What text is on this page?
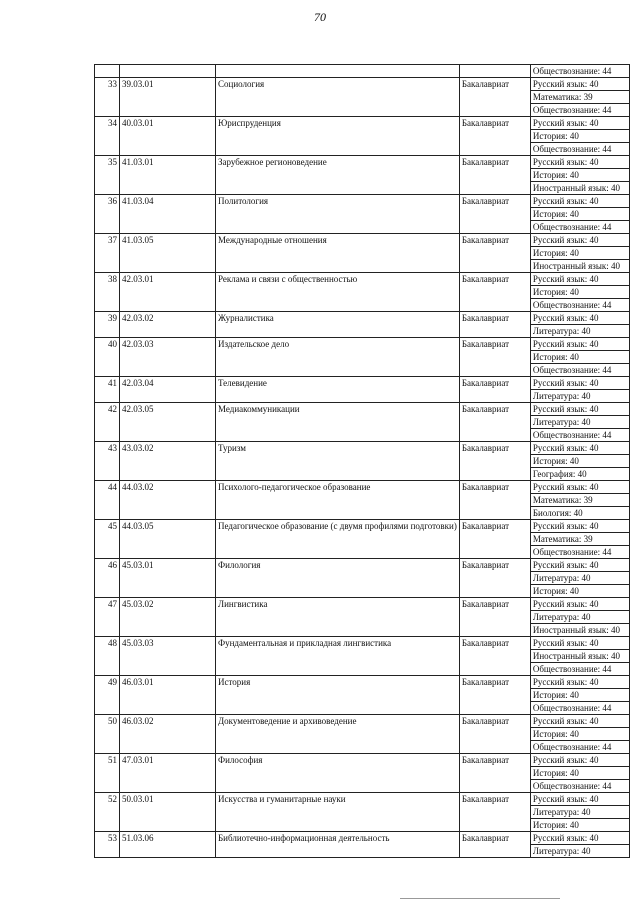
70
				Обществознание: 44
33	39.03.01	Социология	Бакалавриат	Русский язык: 40
				Математика: 39
				Обществознание: 44
34	40.03.01	Юриспруденция	Бакалавриат	Русский язык: 40
				История: 40
				Обществознание: 44
35	41.03.01	Зарубежное регионоведение	Бакалавриат	Русский язык: 40
				История: 40
				Иностранный язык: 40
36	41.03.04	Политология	Бакалавриат	Русский язык: 40
				История: 40
				Обществознание: 44
37	41.03.05	Международные отношения	Бакалавриат	Русский язык: 40
				История: 40
				Иностранный язык: 40
38	42.03.01	Реклама и связи с общественностью	Бакалавриат	Русский язык: 40
				История: 40
				Обществознание: 44
39	42.03.02	Журналистика	Бакалавриат	Русский язык: 40
				Литература: 40
40	42.03.03	Издательское дело	Бакалавриат	Русский язык: 40
				История: 40
				Обществознание: 44
41	42.03.04	Телевидение	Бакалавриат	Русский язык: 40
				Литература: 40
42	42.03.05	Медиакоммуникации	Бакалавриат	Русский язык: 40
				Литература: 40
				Обществознание: 44
43	43.03.02	Туризм	Бакалавриат	Русский язык: 40
				История: 40
				География: 40
44	44.03.02	Психолого-педагогическое образование	Бакалавриат	Русский язык: 40
				Математика: 39
				Биология: 40
45	44.03.05	Педагогическое образование (с двумя профилями подготовки)	Бакалавриат	Русский язык: 40
				Математика: 39
				Обществознание: 44
46	45.03.01	Филология	Бакалавриат	Русский язык: 40
				Литература: 40
				История: 40
47	45.03.02	Лингвистика	Бакалавриат	Русский язык: 40
				Литература: 40
				Иностранный язык: 40
48	45.03.03	Фундаментальная и прикладная лингвистика	Бакалавриат	Русский язык: 40
				Иностранный язык: 40
				Обществознание: 44
49	46.03.01	История	Бакалавриат	Русский язык: 40
				История: 40
				Обществознание: 44
50	46.03.02	Документоведение и архивоведение	Бакалавриат	Русский язык: 40
				История: 40
				Обществознание: 44
51	47.03.01	Философия	Бакалавриат	Русский язык: 40
				История: 40
				Обществознание: 44
52	50.03.01	Искусства и гуманитарные науки	Бакалавриат	Русский язык: 40
				Литература: 40
				История: 40
53	51.03.06	Библиотечно-информационная деятельность	Бакалавриат	Русский язык: 40
				Литература: 40
